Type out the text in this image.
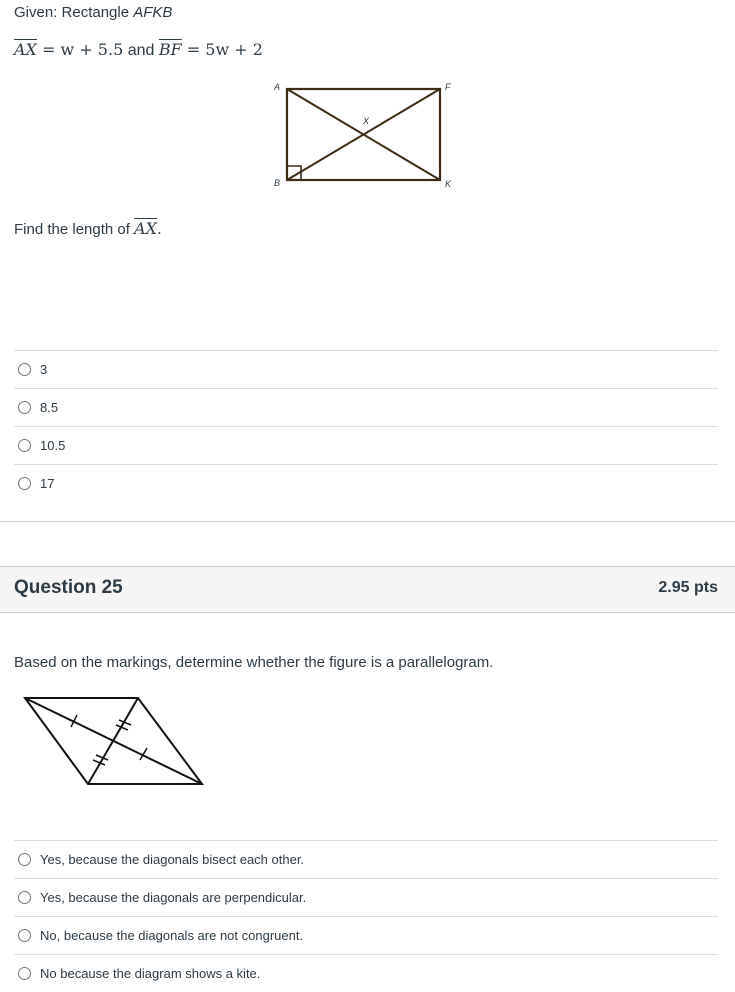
Given: Rectangle AFKB
$\overline{AX} = w + 5.5$ and $\overline{BF} = 5w + 2$
A	F
B	K
X
Find the length of $\overline{AX}$.
3
8.5
10.5
17
Question 25	2.95 pts
Based on the markings, determine whether the figure is a parallelogram.
Yes, because the diagonals bisect each other.
Yes, because the diagonals are perpendicular.
No, because the diagonals are not congruent.
No because the diagram shows a kite.
